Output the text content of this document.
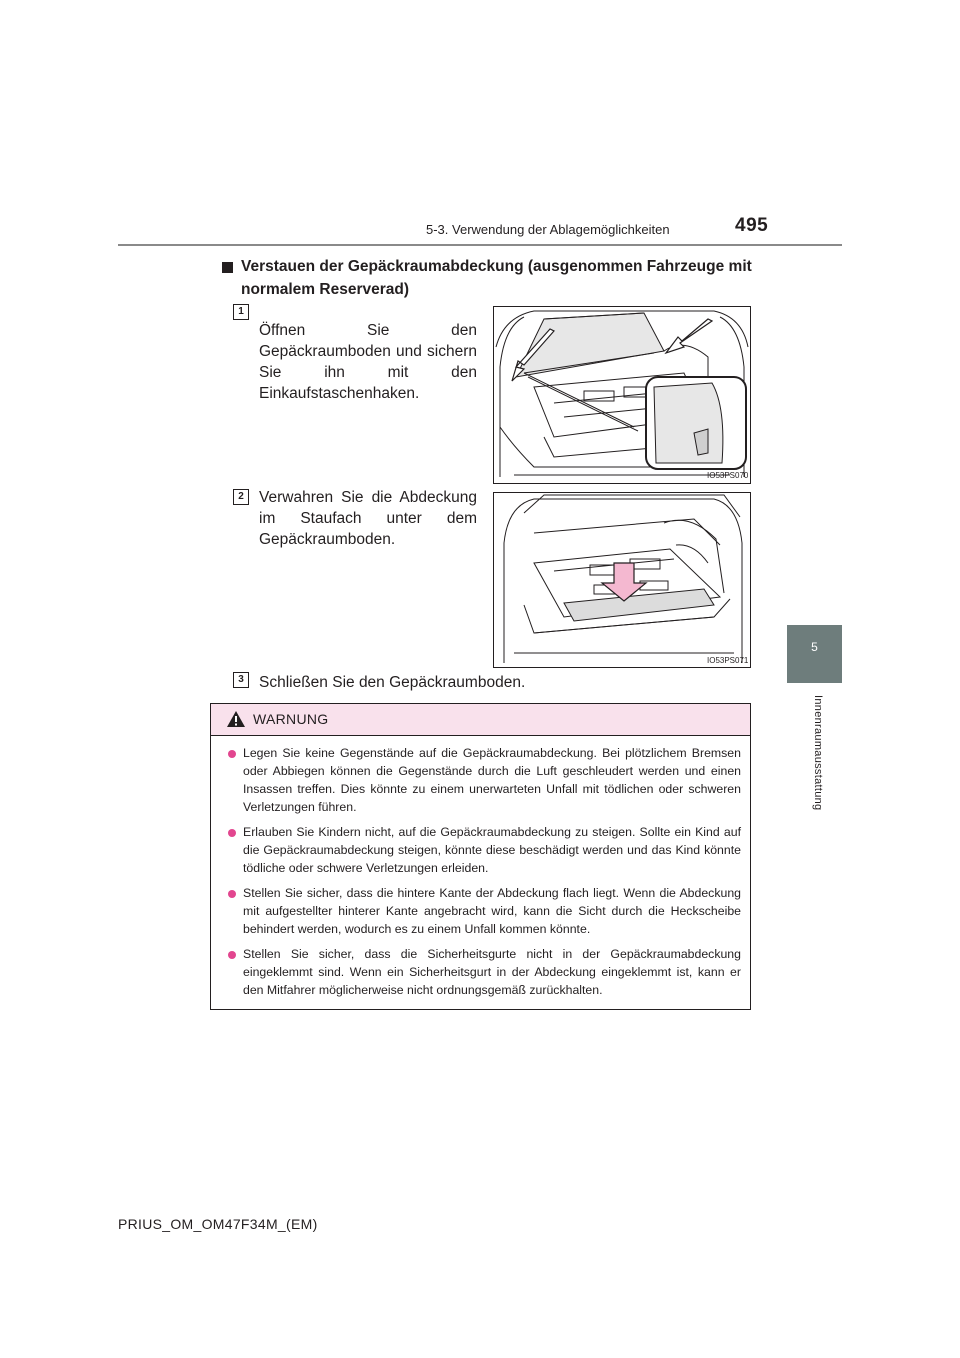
5-3. Verwendung der Ablagemöglichkeiten	495
5
Innenraumausstattung
Verstauen der Gepäckraumabdeckung (ausgenommen Fahrzeuge mit normalem Reserverad)
1
Öffnen Sie den Gepäckraumboden und sichern Sie ihn mit den Einkaufstaschenhaken.
IO53PS070
2 Verwahren Sie die Abdeckung im Staufach unter dem Gepäckraumboden.
IO53PS071
3 Schließen Sie den Gepäckraumboden.
WARNUNG
Legen Sie keine Gegenstände auf die Gepäckraumabdeckung. Bei plötzlichem Bremsen oder Abbiegen können die Gegenstände durch die Luft geschleudert werden und einen Insassen treffen. Dies könnte zu einem unerwarteten Unfall mit tödlichen oder schweren Verletzungen führen.
Erlauben Sie Kindern nicht, auf die Gepäckraumabdeckung zu steigen. Sollte ein Kind auf die Gepäckraumabdeckung steigen, könnte diese beschädigt werden und das Kind könnte tödliche oder schwere Verletzungen erleiden.
Stellen Sie sicher, dass die hintere Kante der Abdeckung flach liegt. Wenn die Abdeckung mit aufgestellter hinterer Kante angebracht wird, kann die Sicht durch die Heckscheibe behindert werden, wodurch es zu einem Unfall kommen könnte.
Stellen Sie sicher, dass die Sicherheitsgurte nicht in der Gepäckraumabdeckung eingeklemmt sind. Wenn ein Sicherheitsgurt in der Abdeckung eingeklemmt ist, kann er den Mitfahrer möglicherweise nicht ordnungsgemäß zurückhalten.
PRIUS_OM_OM47F34M_(EM)
